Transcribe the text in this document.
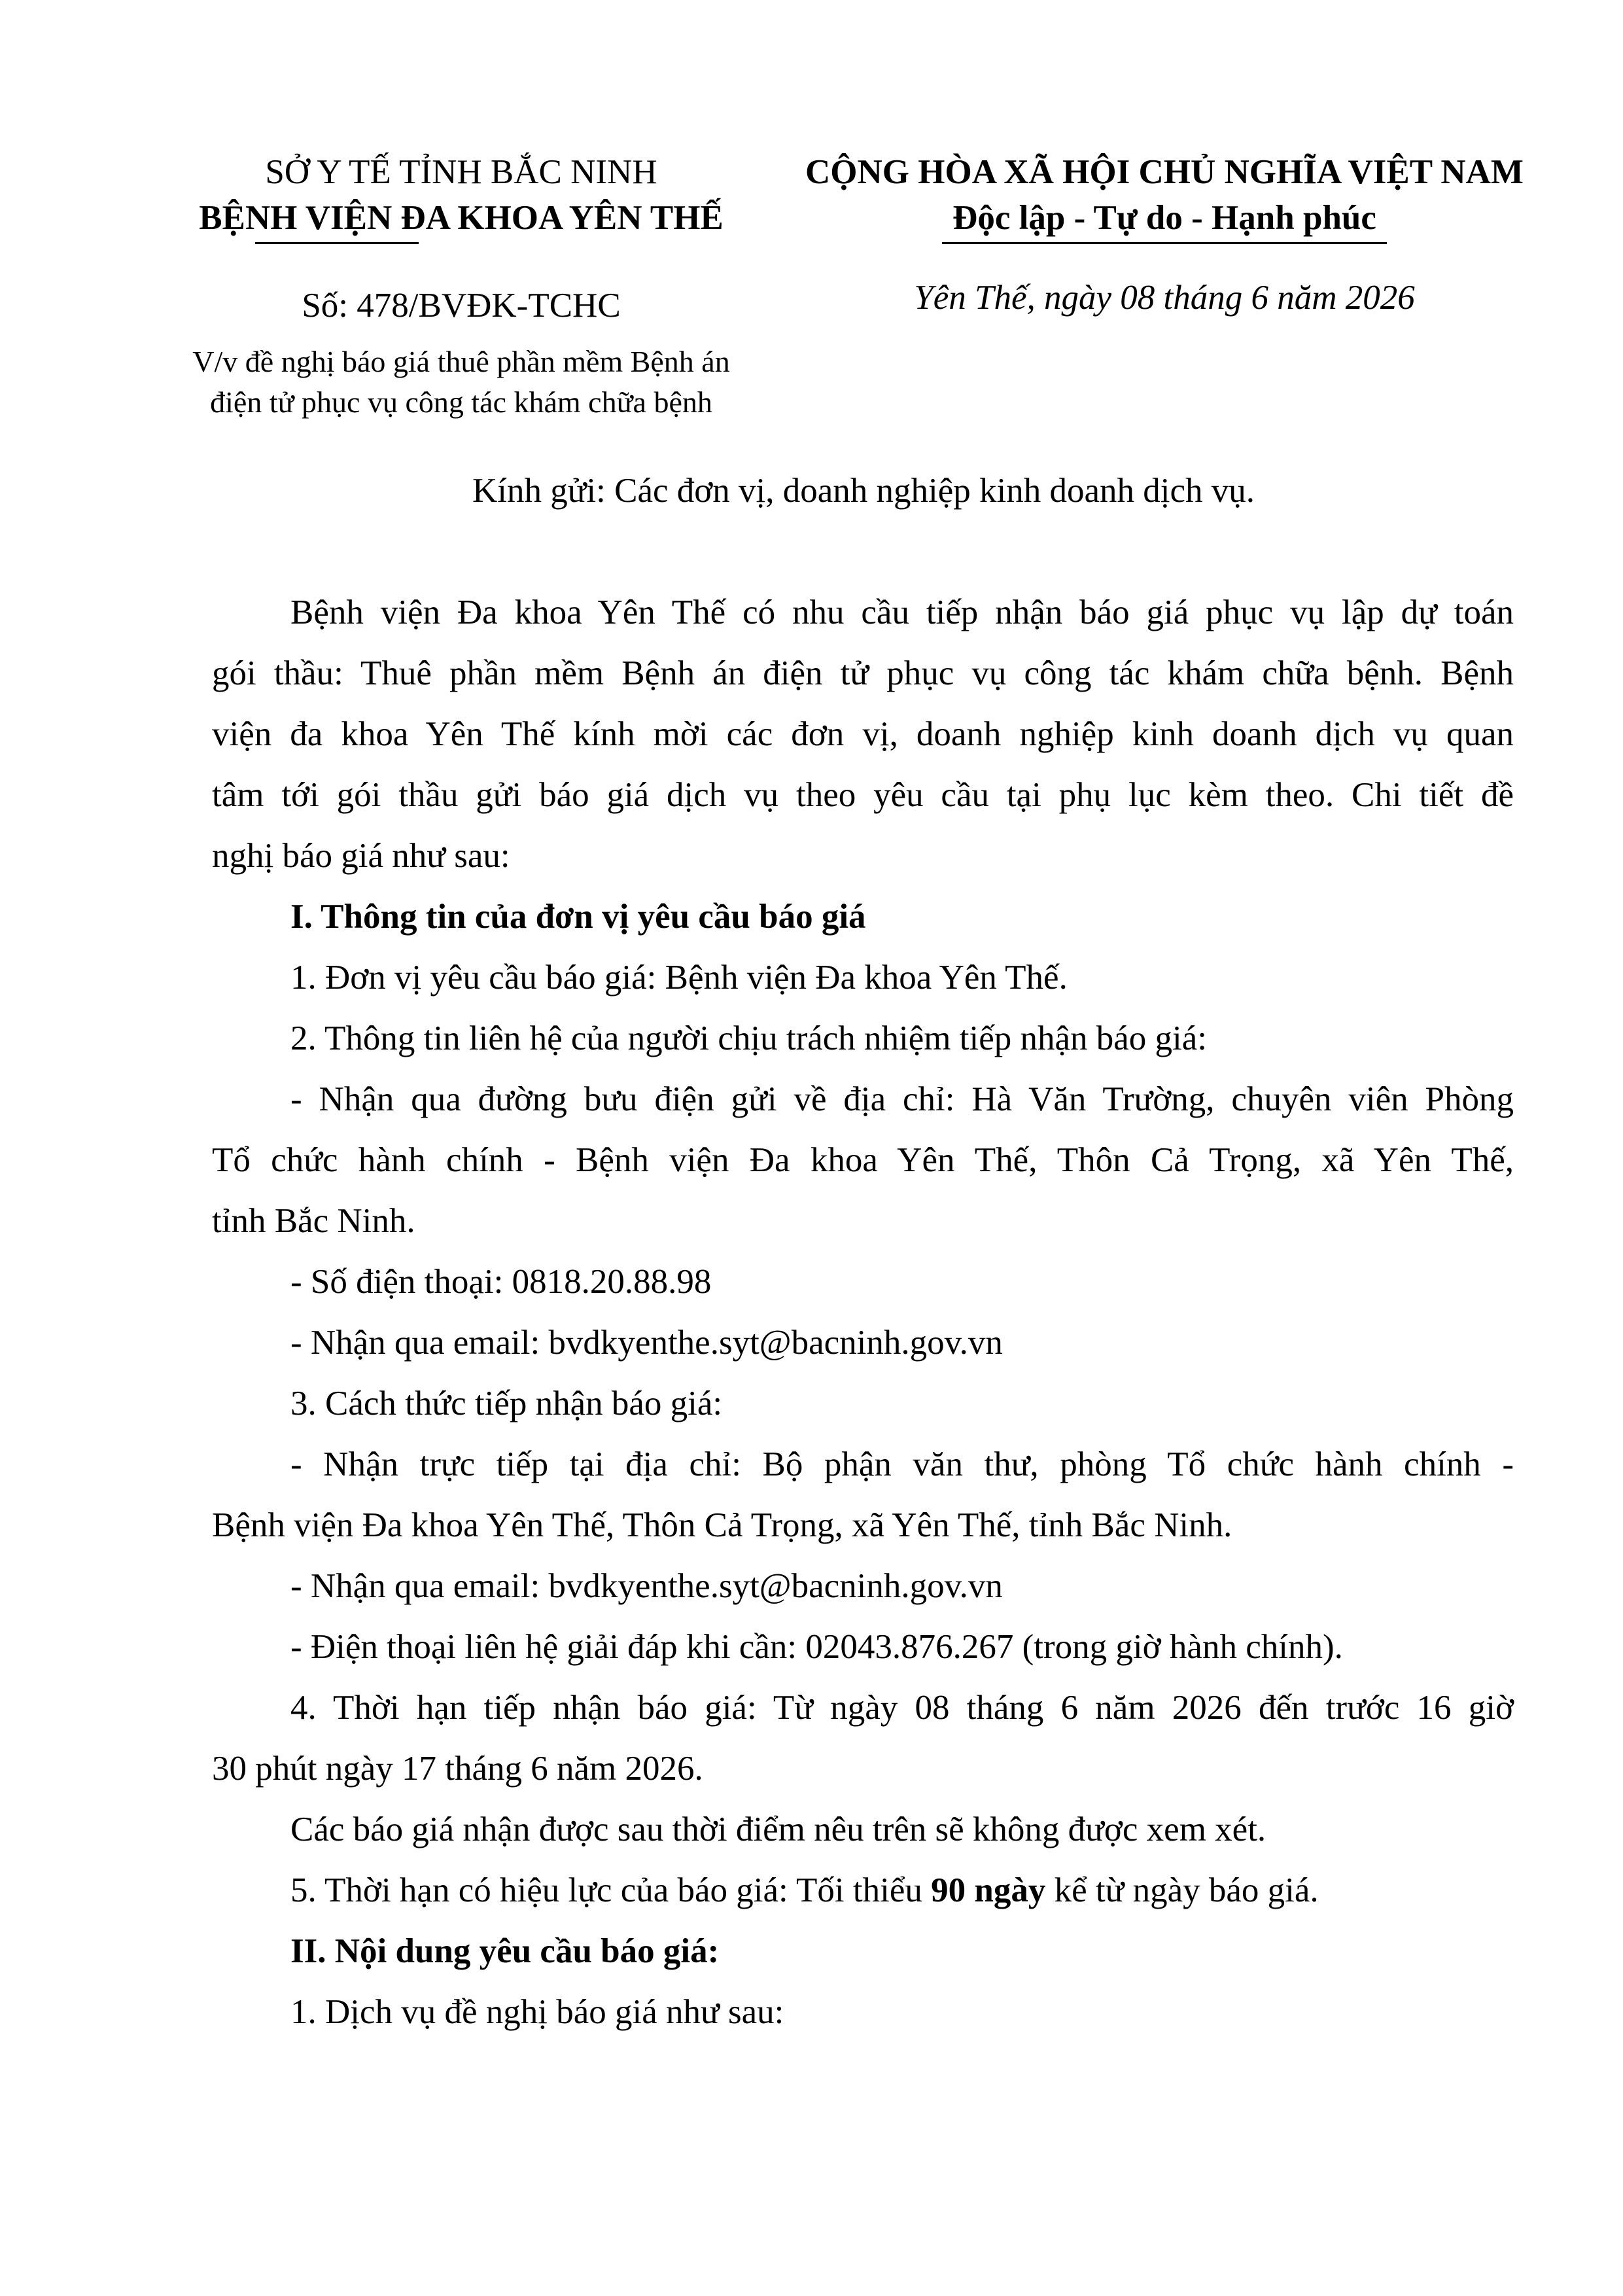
SỞ Y TẾ TỈNH BẮC NINH
BỆNH VIỆN ĐA KHOA YÊN THẾ
CỘNG HÒA XÃ HỘI CHỦ NGHĨA VIỆT NAM
Độc lập - Tự do - Hạnh phúc
Số: 478/BVĐK-TCHC	Yên Thế, ngày 08 tháng 6 năm 2026
V/v đề nghị báo giá thuê phần mềm Bệnh án
điện tử phục vụ công tác khám chữa bệnh
Kính gửi: Các đơn vị, doanh nghiệp kinh doanh dịch vụ.

Bệnh viện Đa khoa Yên Thế có nhu cầu tiếp nhận báo giá phục vụ lập dự toán
gói thầu: Thuê phần mềm Bệnh án điện tử phục vụ công tác khám chữa bệnh. Bệnh
viện đa khoa Yên Thế kính mời các đơn vị, doanh nghiệp kinh doanh dịch vụ quan
tâm tới gói thầu gửi báo giá dịch vụ theo yêu cầu tại phụ lục kèm theo. Chi tiết đề
nghị báo giá như sau:

I. Thông tin của đơn vị yêu cầu báo giá

1. Đơn vị yêu cầu báo giá: Bệnh viện Đa khoa Yên Thế.

2. Thông tin liên hệ của người chịu trách nhiệm tiếp nhận báo giá:

- Nhận qua đường bưu điện gửi về địa chỉ: Hà Văn Trường, chuyên viên Phòng
Tổ chức hành chính - Bệnh viện Đa khoa Yên Thế, Thôn Cả Trọng, xã Yên Thế,
tỉnh Bắc Ninh.

- Số điện thoại: 0818.20.88.98

- Nhận qua email: bvdkyenthe.syt@bacninh.gov.vn

3. Cách thức tiếp nhận báo giá:

- Nhận trực tiếp tại địa chỉ: Bộ phận văn thư, phòng Tổ chức hành chính -
Bệnh viện Đa khoa Yên Thế, Thôn Cả Trọng, xã Yên Thế, tỉnh Bắc Ninh.

- Nhận qua email: bvdkyenthe.syt@bacninh.gov.vn

- Điện thoại liên hệ giải đáp khi cần: 02043.876.267 (trong giờ hành chính).

4. Thời hạn tiếp nhận báo giá: Từ ngày 08 tháng 6 năm 2026 đến trước 16 giờ
30 phút ngày 17 tháng 6 năm 2026.

Các báo giá nhận được sau thời điểm nêu trên sẽ không được xem xét.

5. Thời hạn có hiệu lực của báo giá: Tối thiểu 90 ngày kể từ ngày báo giá.

II. Nội dung yêu cầu báo giá:

1. Dịch vụ đề nghị báo giá như sau:
